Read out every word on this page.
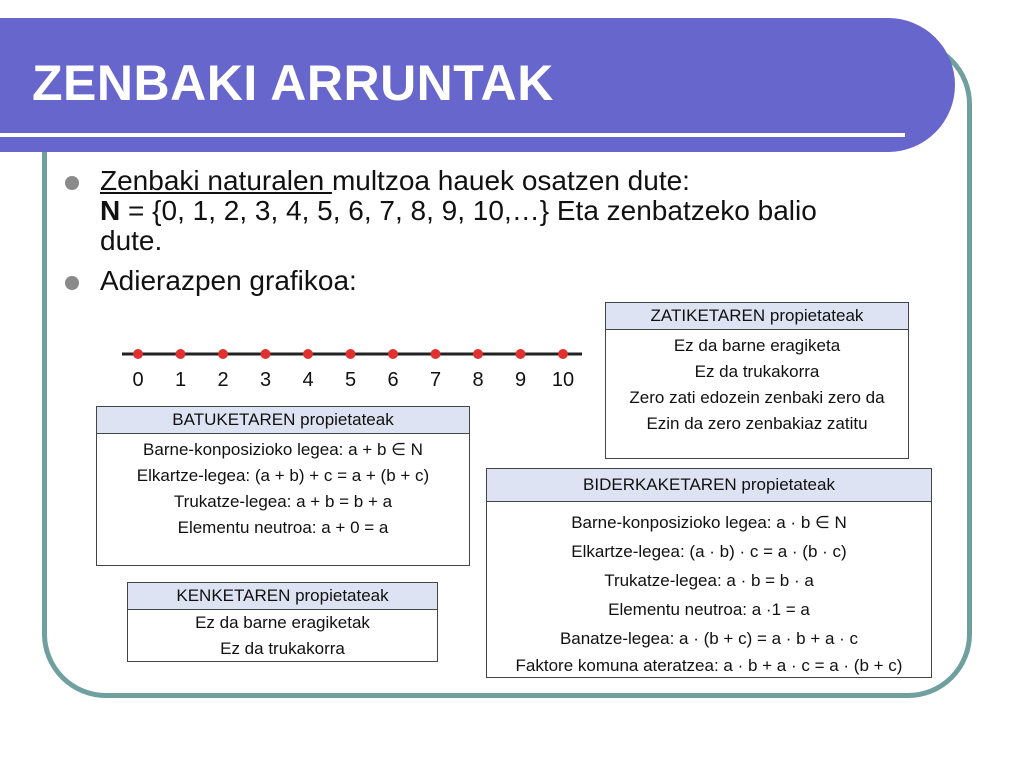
ZENBAKI ARRUNTAK
Zenbaki naturalen multzoa hauek osatzen dute:
N = {0, 1, 2, 3, 4, 5, 6, 7, 8, 9, 10,…} Eta zenbatzeko balio
dute.
Adierazpen grafikoa:
0 1 2 3 4 5 6 7 8 9 10
ZATIKETAREN propietateak
Ez da barne eragiketa
Ez da trukakorra
Zero zati edozein zenbaki zero da
Ezin da zero zenbakiaz zatitu
BATUKETAREN propietateak
Barne-konposizioko legea: a + b ∈ N
Elkartze-legea: (a + b) + c = a + (b + c)
Trukatze-legea: a + b = b + a
Elementu neutroa: a + 0 = a
BIDERKAKETAREN propietateak
Barne-konposizioko legea: a · b ∈ N
Elkartze-legea: (a · b) · c = a · (b · c)
Trukatze-legea: a · b = b · a
Elementu neutroa: a ·1 = a
Banatze-legea: a · (b + c) = a · b + a · c
Faktore komuna ateratzea: a · b + a · c = a · (b + c)
KENKETAREN propietateak
Ez da barne eragiketak
Ez da trukakorra
